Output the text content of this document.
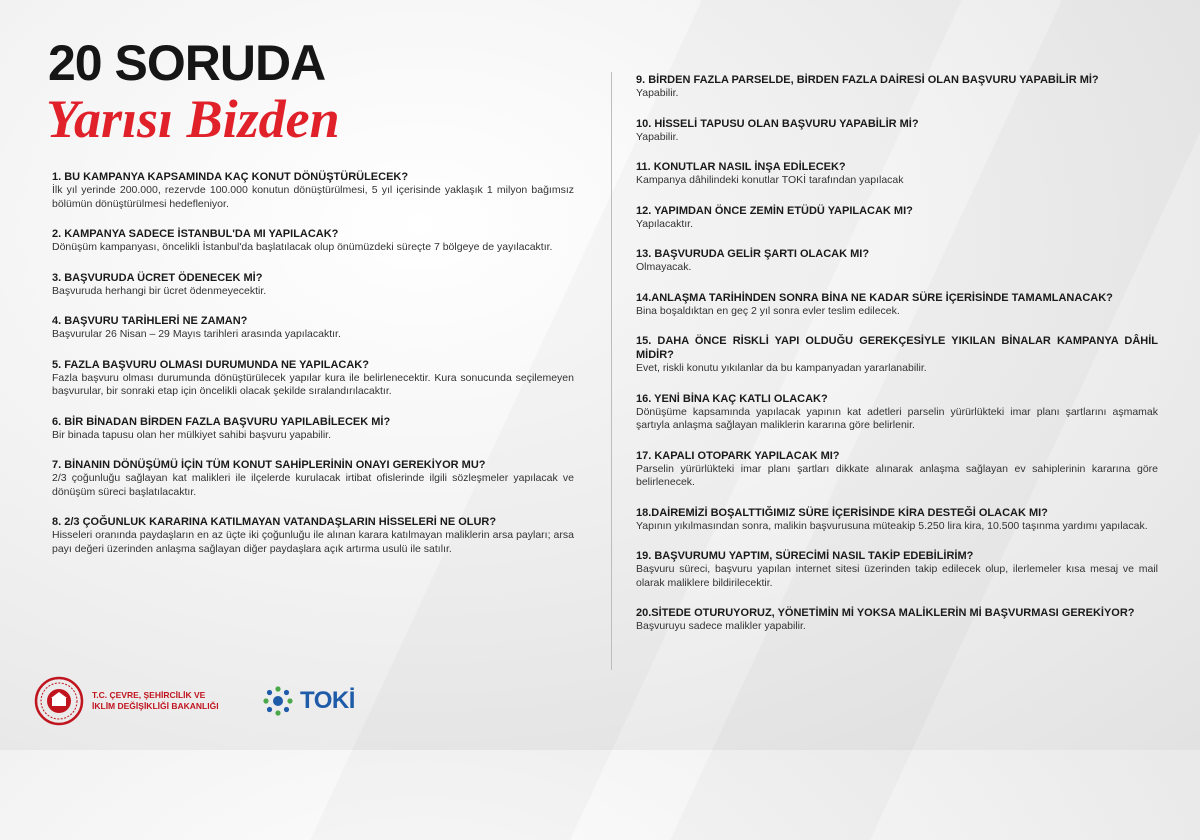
20 SORUDA
Yarısı Bizden
1. BU KAMPANYA KAPSAMINDA KAÇ KONUT DÖNÜŞTÜRÜLECEK?
İlk yıl yerinde 200.000, rezervde 100.000 konutun dönüştürülmesi, 5 yıl içerisinde yaklaşık 1 milyon bağımsız bölümün dönüştürülmesi hedefleniyor.
2. KAMPANYA SADECE İSTANBUL'DA MI YAPILACAK?
Dönüşüm kampanyası, öncelikli İstanbul'da başlatılacak olup önümüzdeki süreçte 7 bölgeye de yayılacaktır.
3. BAŞVURUDA ÜCRET ÖDENECEK Mİ?
Başvuruda herhangi bir ücret ödenmeyecektir.
4. BAŞVURU TARİHLERİ NE ZAMAN?
Başvurular 26 Nisan – 29 Mayıs tarihleri arasında yapılacaktır.
5. FAZLA BAŞVURU OLMASI DURUMUNDA NE YAPILACAK?
Fazla başvuru olması durumunda dönüştürülecek yapılar kura ile belirlenecektir. Kura sonucunda seçilemeyen başvurular, bir sonraki etap için öncelikli olacak şekilde sıralandırılacaktır.
6. BİR BİNADAN BİRDEN FAZLA BAŞVURU YAPILABİLECEK Mİ?
Bir binada tapusu olan her mülkiyet sahibi başvuru yapabilir.
7. BİNANIN DÖNÜŞÜMÜ İÇİN TÜM KONUT SAHİPLERİNİN ONAYI GEREKİYOR MU?
2/3 çoğunluğu sağlayan kat malikleri ile ilçelerde kurulacak irtibat ofislerinde ilgili sözleşmeler yapılacak ve dönüşüm süreci başlatılacaktır.
8. 2/3 ÇOĞUNLUK KARARINA KATILMAYAN VATANDAŞLARIN HİSSELERİ NE OLUR?
Hisseleri oranında paydaşların en az üçte iki çoğunluğu ile alınan karara katılmayan maliklerin arsa payları; arsa payı değeri üzerinden anlaşma sağlayan diğer paydaşlara açık artırma usulü ile satılır.
9. BİRDEN FAZLA PARSELDE, BİRDEN FAZLA DAİRESİ OLAN BAŞVURU YAPABİLİR Mİ?
Yapabilir.
10. HİSSELİ TAPUSU OLAN BAŞVURU YAPABİLİR Mİ?
Yapabilir.
11. KONUTLAR NASIL İNŞA EDİLECEK?
Kampanya dâhilindeki konutlar TOKİ tarafından yapılacak
12. YAPIMDAN ÖNCE ZEMİN ETÜDÜ YAPILACAK MI?
Yapılacaktır.
13. BAŞVURUDA GELİR ŞARTI OLACAK MI?
Olmayacak.
14.ANLAŞMA TARİHİNDEN SONRA BİNA NE KADAR SÜRE İÇERİSİNDE TAMAMLANACAK?
Bina boşaldıktan en geç 2 yıl sonra evler teslim edilecek.
15. DAHA ÖNCE RİSKLİ YAPI OLDUĞU GEREKÇESİYLE YIKILAN BİNALAR KAMPANYA DÂHİL MİDİR?
Evet, riskli konutu yıkılanlar da bu kampanyadan yararlanabilir.
16. YENİ BİNA KAÇ KATLI OLACAK?
Dönüşüme kapsamında yapılacak yapının kat adetleri parselin yürürlükteki imar planı şartlarını aşmamak şartıyla anlaşma sağlayan maliklerin kararına göre belirlenir.
17. KAPALI OTOPARK YAPILACAK MI?
Parselin yürürlükteki imar planı şartları dikkate alınarak anlaşma sağlayan ev sahiplerinin kararına göre belirlenecek.
18.DAİREMİZİ BOŞALTTIĞIMIZ SÜRE İÇERİSİNDE KİRA DESTEĞİ OLACAK MI?
Yapının yıkılmasından sonra, malikin başvurusuna müteakip 5.250 lira kira, 10.500 taşınma yardımı yapılacak.
19. BAŞVURUMU YAPTIM, SÜRECİMİ NASIL TAKİP EDEBİLİRİM?
Başvuru süreci, başvuru yapılan internet sitesi üzerinden takip edilecek olup, ilerlemeler kısa mesaj ve mail olarak maliklere bildirilecektir.
20.SİTEDE OTURUYORUZ, YÖNETİMİN Mİ YOKSA MALİKLERİN Mİ BAŞVURMASI GEREKİYOR?
Başvuruyu sadece malikler yapabilir.
T.C. ÇEVRE, ŞEHİRCİLİK VE
İKLİM DEĞİŞİKLİĞİ BAKANLIĞI	TOKİ
